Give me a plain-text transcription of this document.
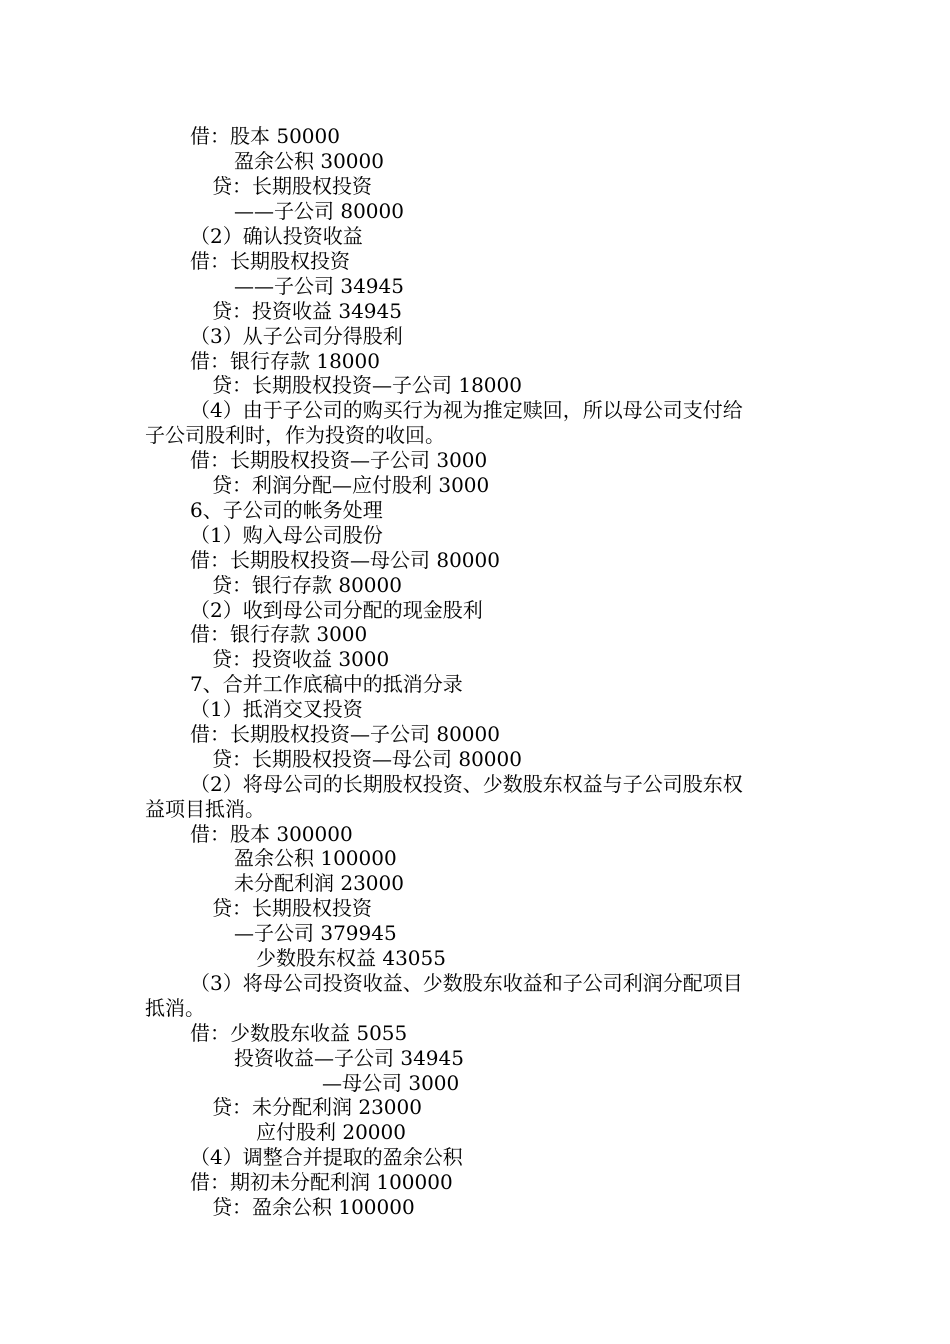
借：股本 50000
盈余公积 30000
贷：长期股权投资
——子公司 80000
（2）确认投资收益
借：长期股权投资
——子公司 34945
贷：投资收益 34945
（3）从子公司分得股利
借：银行存款 18000
贷：长期股权投资—子公司 18000
（4）由于子公司的购买行为视为推定赎回，所以母公司支付给
子公司股利时，作为投资的收回。
借：长期股权投资—子公司 3000
贷：利润分配—应付股利 3000
6、子公司的帐务处理
（1）购入母公司股份
借：长期股权投资—母公司 80000
贷：银行存款 80000
（2）收到母公司分配的现金股利
借：银行存款 3000
贷：投资收益 3000
7、合并工作底稿中的抵消分录
（1）抵消交叉投资
借：长期股权投资—子公司 80000
贷：长期股权投资—母公司 80000
（2）将母公司的长期股权投资、少数股东权益与子公司股东权
益项目抵消。
借：股本 300000
盈余公积 100000
未分配利润 23000
贷：长期股权投资
—子公司 379945
少数股东权益 43055
（3）将母公司投资收益、少数股东收益和子公司利润分配项目
抵消。
借：少数股东收益 5055
投资收益—子公司 34945
—母公司 3000
贷：未分配利润 23000
应付股利 20000
（4）调整合并提取的盈余公积
借：期初未分配利润 100000
贷：盈余公积 100000
